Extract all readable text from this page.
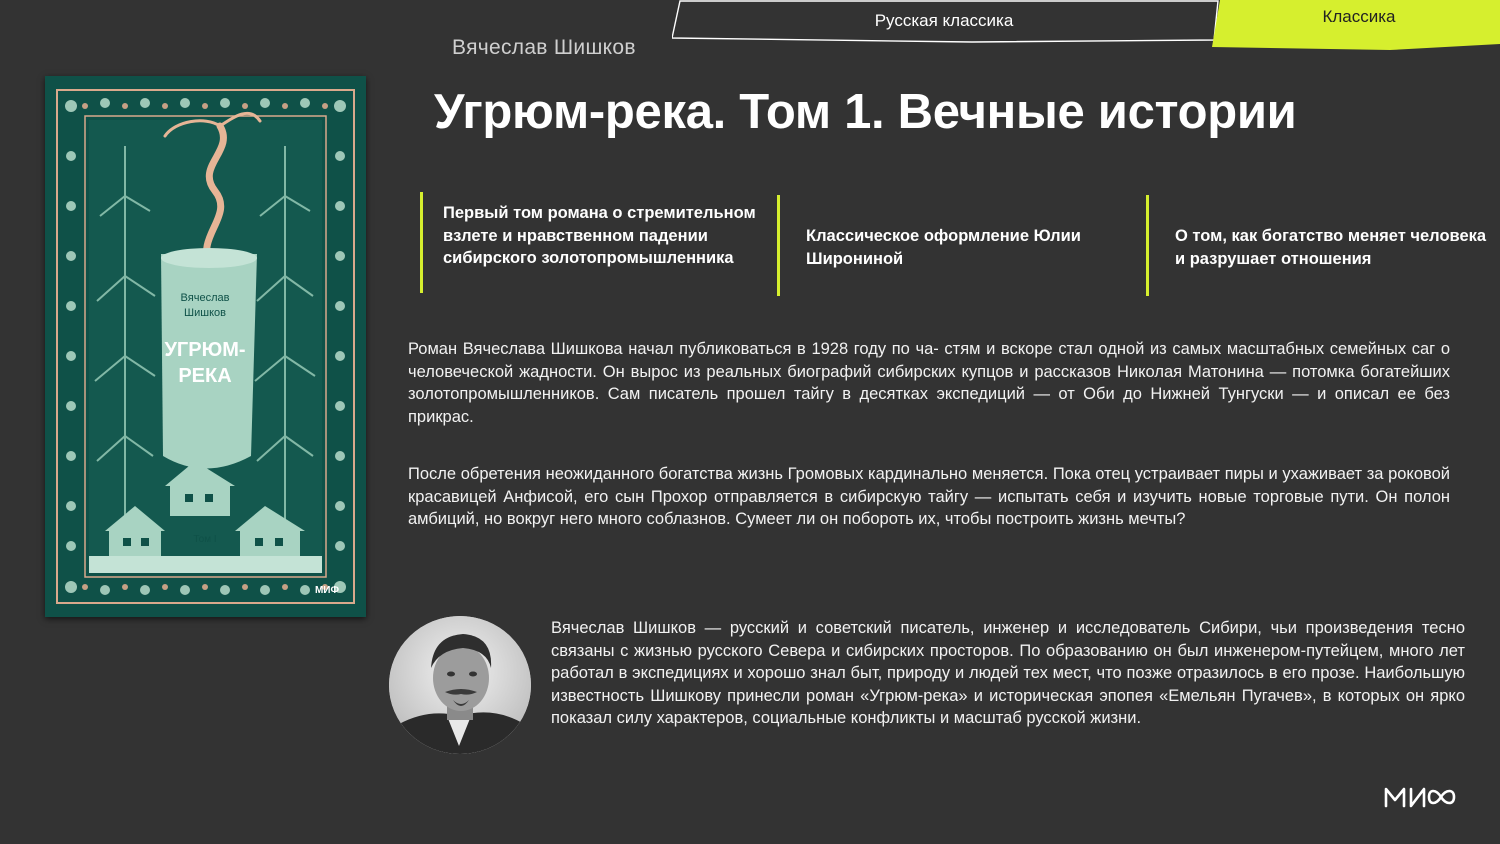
Русская классика	Классика
Вячеслав Шишков
Угрюм-река. Том 1. Вечные истории
Вячеслав
Шишков
УГРЮМ-
РЕКА
Том I
МИФ
Первый том романа о стремительном взлете и нравственном падении сибирского золотопромышленника
Классическое оформление Юлии Широниной
О том, как богатство меняет человека и разрушает отношения

Роман Вячеслава Шишкова начал публиковаться в 1928 году по ча- стям и вскоре стал одной из самых масштабных семейных саг о человеческой жадности. Он вырос из реальных биографий сибирских купцов и рассказов Николая Матонина — потомка богатейших золотопромышленников. Сам писатель прошел тайгу в десятках экспедиций — от Оби до Нижней Тунгуски — и описал ее без прикрас.

После обретения неожиданного богатства жизнь Громовых кардинально меняется. Пока отец устраивает пиры и ухаживает за роковой красавицей Анфисой, его сын Прохор отправляется в сибирскую тайгу — испытать себя и изучить новые торговые пути. Он полон амбиций, но вокруг него много соблазнов. Сумеет ли он побороть их, чтобы построить жизнь мечты?

Вячеслав Шишков — русский и советский писатель, инженер и исследователь Сибири, чьи произведения тесно связаны с жизнью русского Севера и сибирских просторов. По образованию он был инженером-путейцем, много лет работал в экспедициях и хорошо знал быт, природу и людей тех мест, что позже отразилось в его прозе. Наибольшую известность Шишкову принесли роман «Угрюм-река» и историческая эпопея «Емельян Пугачев», в которых он ярко показал силу характеров, социальные конфликты и масштаб русской жизни.
